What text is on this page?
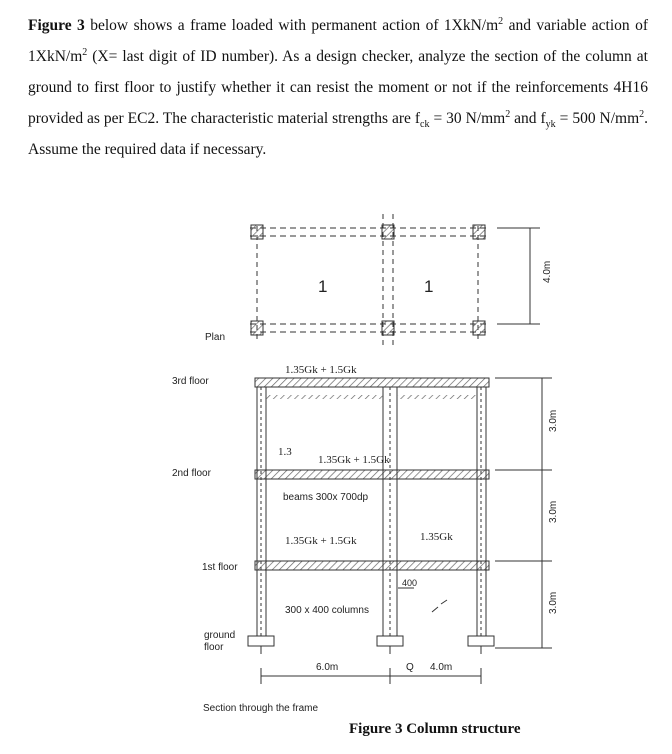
Figure 3 below shows a frame loaded with permanent action of $1XkN/m^2$ and variable action of $1XkN/m^2$ (X= last digit of ID number). As a design checker, analyze the section of the column at ground to first floor to justify whether it can resist the moment or not if the reinforcements 4H16 provided as per EC2. The characteristic material strengths are $f_{ck} = 30$ $N/mm^2$ and $f_{yk} = 500$ $N/mm^2$. Assume the required data if necessary.
1	1
Plan
4.0m
1.35Gk + 1.5Gk
1.35Gk + 1.5Gk
1.3
1.35Gk + 1.5Gk	1.35Gk
beams 300x 700dp
300 x 400 columns
400
6.0m	Q 4.0m
3rd floor
2nd floor
1st floor
ground
floor
3.0m
3.0m
3.0m
Section through the frame
Figure 3 Column structure
